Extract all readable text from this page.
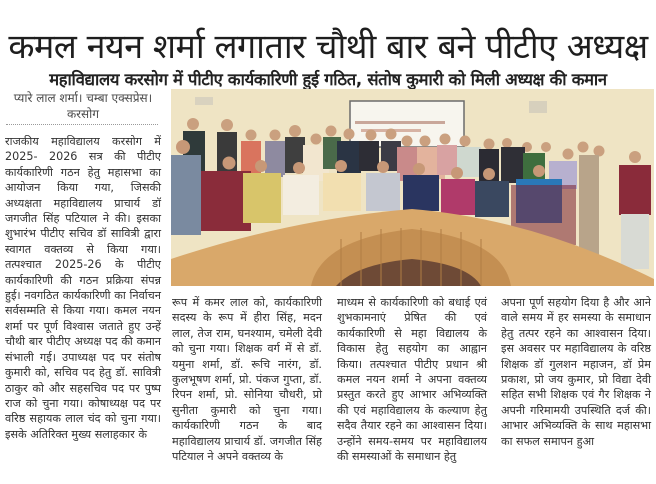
कमल नयन शर्मा लगातार चौथी बार बने पीटीए अध्यक्ष
महाविद्यालय करसोग में पीटीए कार्यकारिणी हुई गठित, संतोष कुमारी को मिली अध्यक्ष की कमान
प्यारे लाल शर्मा। चम्बा एक्सप्रेस।
करसोग
राजकीय महाविद्यालय करसोग में 2025- 2026 सत्र की पीटीए कार्यकारिणी गठन हेतु महासभा का आयोजन किया गया, जिसकी अध्यक्षता महाविद्यालय प्राचार्य डॉ जगजीत सिंह पटियाल ने की। इसका शुभारंभ पीटीए सचिव डॉ सावित्री द्वारा स्वागत वक्तव्य से किया गया। तत्पश्चात 2025-26 के पीटीए कार्यकारिणी की गठन प्रक्रिया संपन्न हुई। नवगठित कार्यकारिणी का निर्वाचन सर्वसम्मति से किया गया। कमल नयन शर्मा पर पूर्ण विश्वास जताते हुए उन्हें चौथी बार पीटीए अध्यक्ष पद की कमान संभाली गई। उपाध्यक्ष पद पर संतोष कुमारी को, सचिव पद हेतु डॉ. सावित्री ठाकुर को और सहसचिव पद पर पुष्प राज को चुना गया। कोषाध्यक्ष पद पर वरिष्ठ सहायक लाल चंद को चुना गया। इसके अतिरिक्त मुख्य सलाहकार के
रूप में कमर लाल को, कार्यकारिणी सदस्य के रूप में हीरा सिंह, मदन लाल, तेज राम, घनश्याम, चमेली देवी को चुना गया। शिक्षक वर्ग में से डॉ. यमुना शर्मा, डॉ. रूचि नारंग, डॉ. कुलभूषण शर्मा, प्रो. पंकज गुप्ता, डॉ. रिपन शर्मा, प्रो. सोनिया चौधरी, प्रो सुनीता कुमारी को चुना गया। कार्यकारिणी गठन के बाद महाविद्यालय प्राचार्य डॉ. जगजीत सिंह पटियाल ने अपने वक्तव्य के
माध्यम से कार्यकारिणी को बधाई एवं शुभकामनाएं प्रेषित की एवं कार्यकारिणी से महा विद्यालय के विकास हेतु सहयोग का आह्वान किया। तत्पश्चात पीटीए प्रधान श्री कमल नयन शर्मा ने अपना वक्तव्य प्रस्तुत करते हुए आभार अभिव्यक्ति की एवं महाविद्यालय के कल्याण हेतु सदैव तैयार रहने का आश्वासन दिया। उन्होंने समय-समय पर महाविद्यालय की समस्याओं के समाधान हेतु
अपना पूर्ण सहयोग दिया है और आने वाले समय में हर समस्या के समाधान हेतु तत्पर रहने का आश्वासन दिया। इस अवसर पर महाविद्यालय के वरिष्ठ शिक्षक डॉ गुलशन महाजन, डॉ प्रेम प्रकाश, प्रो जय कुमार, प्रो विद्या देवी सहित सभी शिक्षक एवं गैर शिक्षक ने अपनी गरिमामयी उपस्थिति दर्ज की। आभार अभिव्यक्ति के साथ महासभा का सफल समापन हुआ
